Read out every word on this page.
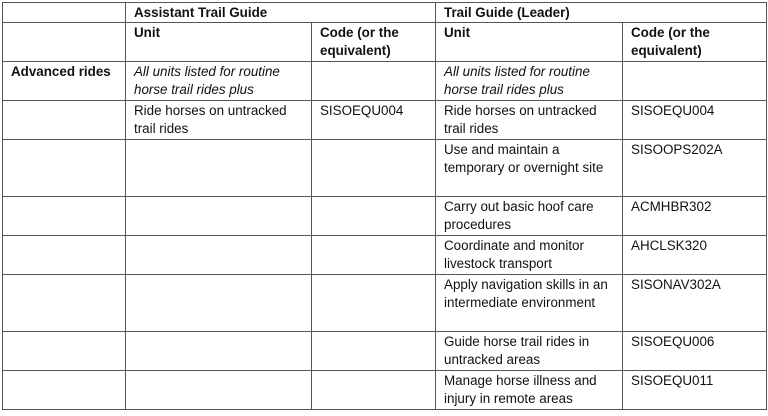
	Assistant Trail Guide		Trail Guide (Leader)	
	Unit	Code (or the equivalent)	Unit	Code (or the equivalent)
Advanced rides	All units listed for routine horse trail rides plus		All units listed for routine horse trail rides plus	
	Ride horses on untracked trail rides	SISOEQU004	Ride horses on untracked trail rides	SISOEQU004
			Use and maintain a temporary or overnight site	SISOOPS202A
			Carry out basic hoof care procedures	ACMHBR302
			Coordinate and monitor livestock transport	AHCLSK320
			Apply navigation skills in an intermediate environment	SISONAV302A
			Guide horse trail rides in untracked areas	SISOEQU006
			Manage horse illness and injury in remote areas	SISOEQU011
